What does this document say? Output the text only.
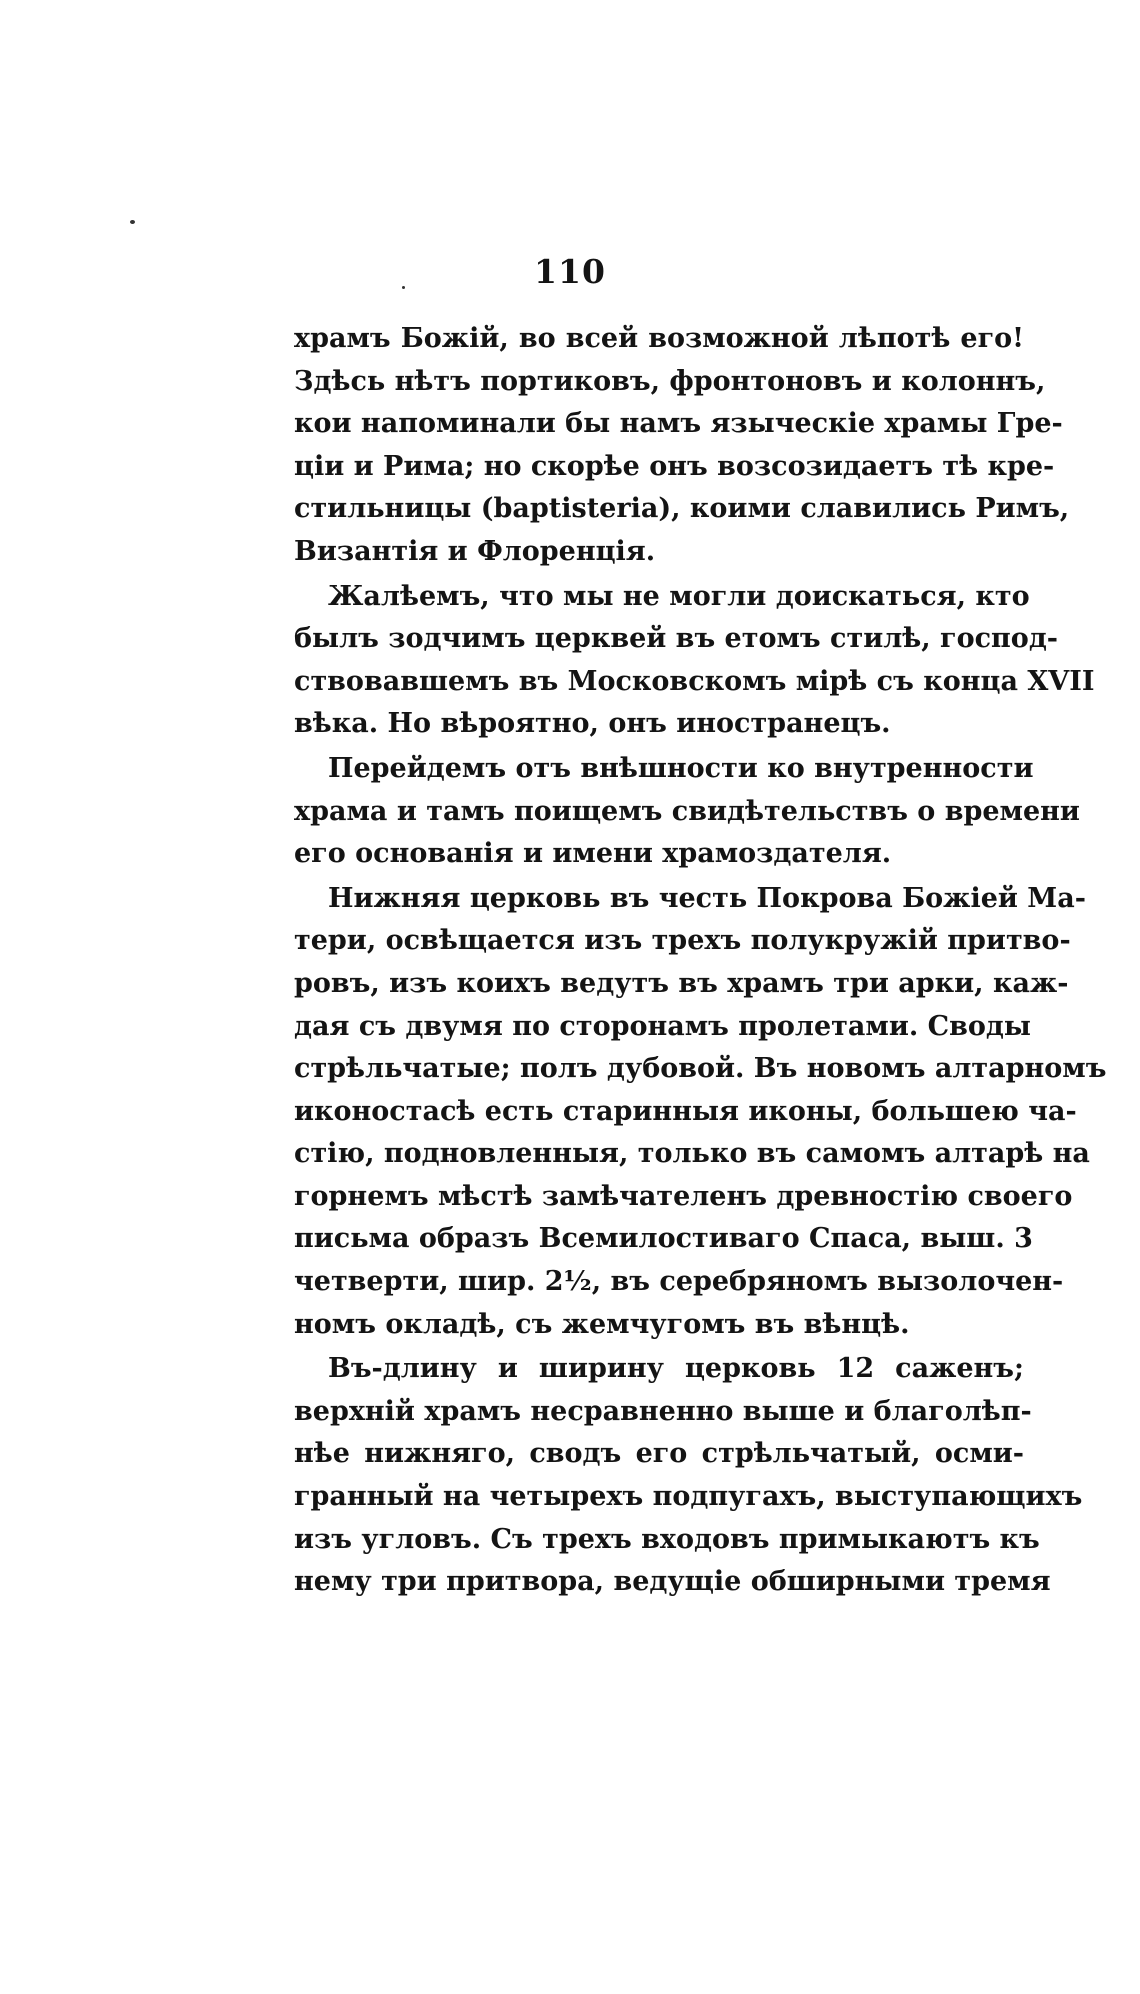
110
храмъ Божій, во всей возможной лѣпотѣ его!
Здѣсь нѣтъ портиковъ, фронтоновъ и колоннъ,
кои напоминали бы намъ языческіе храмы Гре-
ціи и Рима; но скорѣе онъ возсозидаетъ тѣ кре-
стильницы (baptisteria), коими славились Римъ,
Византія и Флоренція.
Жалѣемъ, что мы не могли доискаться, кто
былъ зодчимъ церквей въ етомъ стилѣ, господ-
ствовавшемъ въ Московскомъ мірѣ съ конца XVII
вѣка. Но вѣроятно, онъ иностранецъ.
Перейдемъ отъ внѣшности ко внутренности
храма и тамъ поищемъ свидѣтельствъ о времени
его основанія и имени храмоздателя.
Нижняя церковь въ честь Покрова Божіей Ма-
тери, освѣщается изъ трехъ полукружій притво-
ровъ, изъ коихъ ведутъ въ храмъ три арки, каж-
дая съ двумя по сторонамъ пролетами. Своды
стрѣльчатые; полъ дубовой. Въ новомъ алтарномъ
иконостасѣ есть старинныя иконы, большею ча-
стію, подновленныя, только въ самомъ алтарѣ на
горнемъ мѣстѣ замѣчателенъ древностію своего
письма образъ Всемилостиваго Спаса, выш. 3
четверти, шир. 2½, въ серебряномъ вызолочен-
номъ окладѣ, съ жемчугомъ въ вѣнцѣ.
Въ-длину и ширину церковь 12 саженъ;
верхній храмъ несравненно выше и благолѣп-
нѣе нижняго, сводъ его стрѣльчатый, осми-
гранный на четырехъ подпугахъ, выступающихъ
изъ угловъ. Съ трехъ входовъ примыкаютъ къ
нему три притвора, ведущіе обширными тремя
